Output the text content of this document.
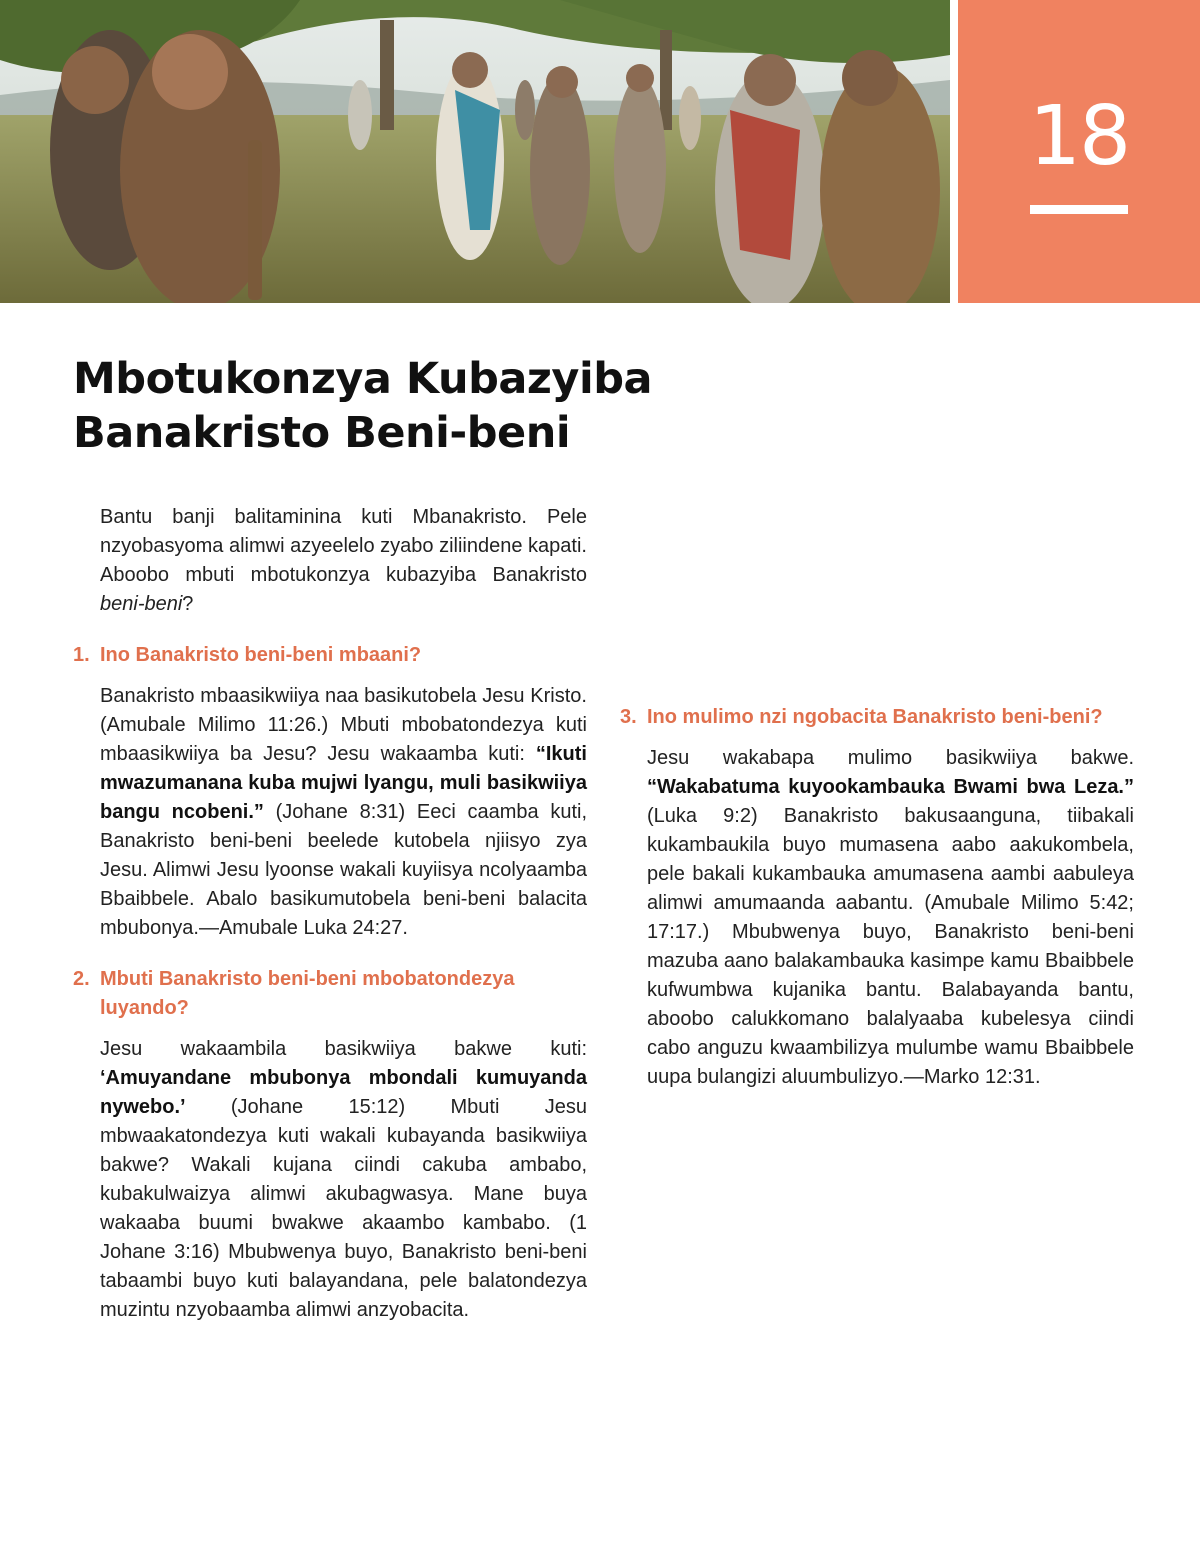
18
Mbotukonzya Kubazyiba
Banakristo Beni-beni

Bantu banji balitaminina kuti Mbanakristo. Pele nzyobasyoma alimwi azyeelelo zyabo ziliindene kapati. Aboobo mbuti mbotukonzya kubazyiba Banakristo beni-beni?

1. Ino Banakristo beni-beni mbaani?

Banakristo mbaasikwiiya naa basikutobela Jesu Kristo. (Amubale Milimo 11:26.) Mbuti mbobatondezya kuti mbaasikwiiya ba Jesu? Jesu wakaamba kuti: “Ikuti mwazumanana kuba mujwi lyangu, muli basikwiiya bangu ncobeni.” (Johane 8:31) Eeci caamba kuti, Banakristo beni-beni beelede kutobela njiisyo zya Jesu. Alimwi Jesu lyoonse wakali kuyiisya ncolyaamba Bbaibbele. Abalo basikumutobela beni-beni balacita mbubonya.—Amubale Luka 24:27.

2. Mbuti Banakristo beni-beni mbobatondezya luyando?

Jesu wakaambila basikwiiya bakwe kuti: ‘Amuyandane mbubonya mbondali kumuyanda nywebo.’ (Johane 15:12) Mbuti Jesu mbwaakatondezya kuti wakali kubayanda basikwiiya bakwe? Wakali kujana ciindi cakuba ambabo, kubakulwaizya alimwi akubagwasya. Mane buya wakaaba buumi bwakwe akaambo kambabo. (1 Johane 3:16) Mbubwenya buyo, Banakristo beni-beni tabaambi buyo kuti balayandana, pele balatondezya muzintu nzyobaamba alimwi anzyobacita.

3. Ino mulimo nzi ngobacita Banakristo beni-beni?

Jesu wakabapa mulimo basikwiiya bakwe. “Wakabatuma kuyookambauka Bwami bwa Leza.” (Luka 9:2) Banakristo bakusaanguna, tiibakali kukambaukila buyo mumasena aabo aakukombela, pele bakali kukambauka amumasena aambi aabuleya alimwi amumaanda aabantu. (Amubale Milimo 5:42; 17:17.) Mbubwenya buyo, Banakristo beni-beni mazuba aano balakambauka kasimpe kamu Bbaibbele kufwumbwa kujanika bantu. Balabayanda bantu, aboobo calukkomano balalyaaba kubelesya ciindi cabo anguzu kwaambilizya mulumbe wamu Bbaibbele uupa bulangizi aluumbulizyo.—Marko 12:31.
